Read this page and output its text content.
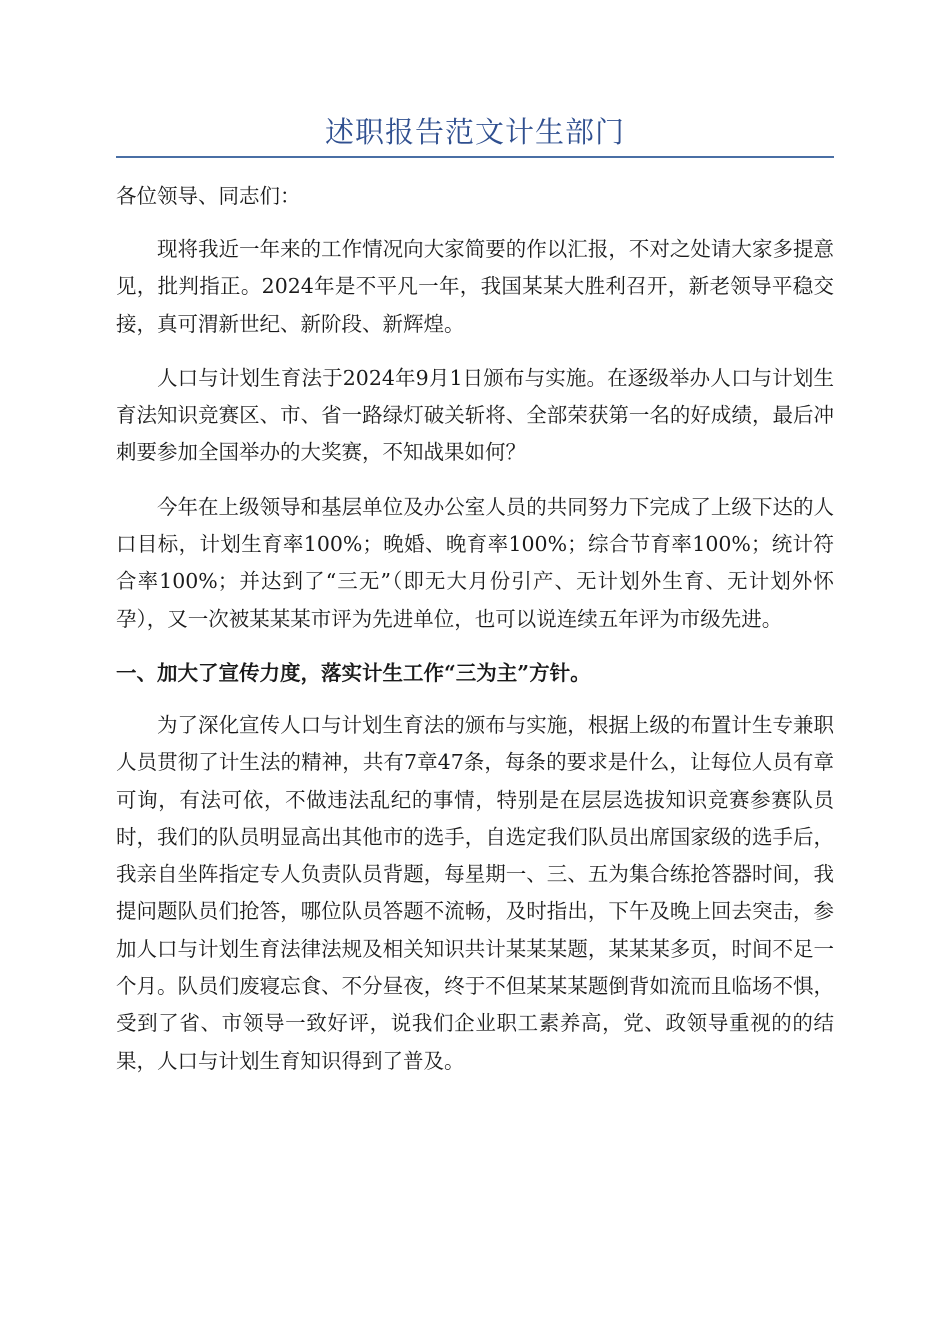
述职报告范文计生部门

各位领导、同志们：

现将我近一年来的工作情况向大家简要的作以汇报，不对之处请大家多提意见，批判指正。2024年是不平凡一年，我国某某大胜利召开，新老领导平稳交接，真可渭新世纪、新阶段、新辉煌。

人口与计划生育法于2024年9月1日颁布与实施。在逐级举办人口与计划生育法知识竞赛区、市、省一路绿灯破关斩将、全部荣获第一名的好成绩，最后冲刺要参加全国举办的大奖赛，不知战果如何？

今年在上级领导和基层单位及办公室人员的共同努力下完成了上级下达的人口目标，计划生育率100%；晚婚、晚育率100%；综合节育率100%；统计符合率100%；并达到了“三无”（即无大月份引产、无计划外生育、无计划外怀孕），又一次被某某某市评为先进单位，也可以说连续五年评为市级先进。

一、加大了宣传力度，落实计生工作“三为主”方针。

为了深化宣传人口与计划生育法的颁布与实施，根据上级的布置计生专兼职人员贯彻了计生法的精神，共有7章47条，每条的要求是什么，让每位人员有章可询，有法可依，不做违法乱纪的事情，特别是在层层选拔知识竞赛参赛队员时，我们的队员明显高出其他市的选手，自选定我们队员出席国家级的选手后，我亲自坐阵指定专人负责队员背题，每星期一、三、五为集合练抢答器时间，我提问题队员们抢答，哪位队员答题不流畅，及时指出，下午及晚上回去突击，参加人口与计划生育法律法规及相关知识共计某某某题，某某某多页，时间不足一个月。队员们废寝忘食、不分昼夜，终于不但某某某题倒背如流而且临场不惧，受到了省、市领导一致好评，说我们企业职工素养高，党、政领导重视的的结果，人口与计划生育知识得到了普及。
